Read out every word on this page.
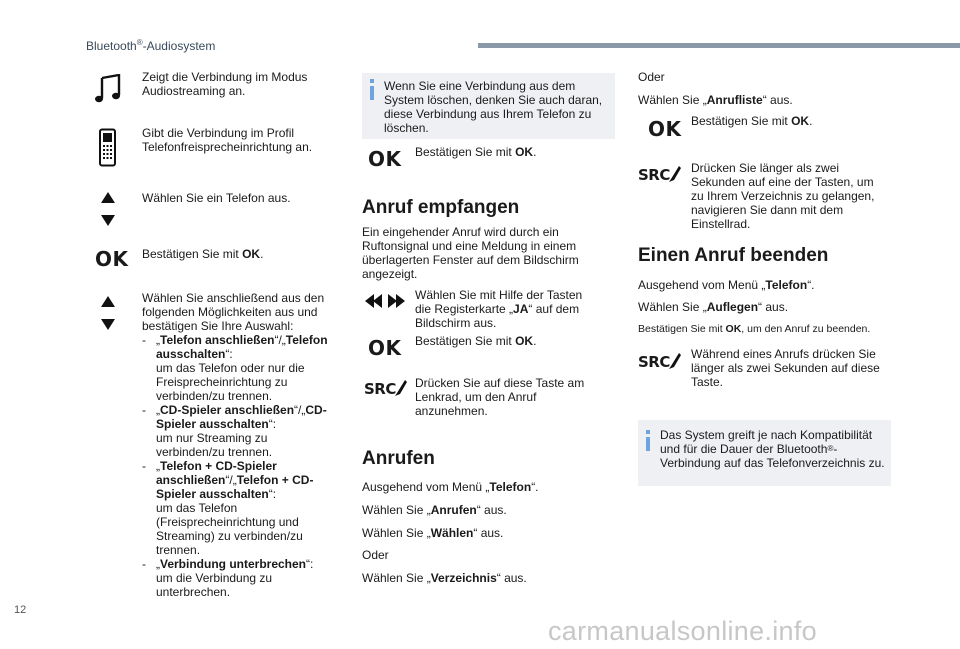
Bluetooth®-Audiosystem
Zeigt die Verbindung im Modus Audiostreaming an.
Gibt die Verbindung im Profil Telefonfreisprecheinrichtung an.
Wählen Sie ein Telefon aus.
OK Bestätigen Sie mit OK.
Wählen Sie anschließend aus den folgenden Möglichkeiten aus und bestätigen Sie Ihre Auswahl:
- „Telefon anschließen“/„Telefon ausschalten“:
um das Telefon oder nur die Freisprecheinrichtung zu verbinden/zu trennen.
- „CD-Spieler anschließen“/„CD-Spieler ausschalten“:
um nur Streaming zu verbinden/zu trennen.
- „Telefon + CD-Spieler anschließen“/„Telefon + CD-Spieler ausschalten“:
um das Telefon (Freisprecheinrichtung und Streaming) zu verbinden/zu trennen.
- „Verbindung unterbrechen“:
um die Verbindung zu unterbrechen.
Wenn Sie eine Verbindung aus dem System löschen, denken Sie auch daran, diese Verbindung aus Ihrem Telefon zu löschen.
OK Bestätigen Sie mit OK.
Anruf empfangen
Ein eingehender Anruf wird durch ein Ruftonsignal und eine Meldung in einem überlagerten Fenster auf dem Bildschirm angezeigt.
Wählen Sie mit Hilfe der Tasten die Registerkarte „JA“ auf dem Bildschirm aus.
OK Bestätigen Sie mit OK.
SRC Drücken Sie auf diese Taste am Lenkrad, um den Anruf anzunehmen.
Anrufen
Ausgehend vom Menü „Telefon“.
Wählen Sie „Anrufen“ aus.
Wählen Sie „Wählen“ aus.
Oder
Wählen Sie „Verzeichnis“ aus.
Oder
Wählen Sie „Anrufliste“ aus.
OK Bestätigen Sie mit OK.
SRC Drücken Sie länger als zwei Sekunden auf eine der Tasten, um zu Ihrem Verzeichnis zu gelangen, navigieren Sie dann mit dem Einstellrad.
Einen Anruf beenden
Ausgehend vom Menü „Telefon“.
Wählen Sie „Auflegen“ aus.
Bestätigen Sie mit OK, um den Anruf zu beenden.
SRC Während eines Anrufs drücken Sie länger als zwei Sekunden auf diese Taste.
Das System greift je nach Kompatibilität und für die Dauer der Bluetooth®-Verbindung auf das Telefonverzeichnis zu.
12
carmanualsonline.info
